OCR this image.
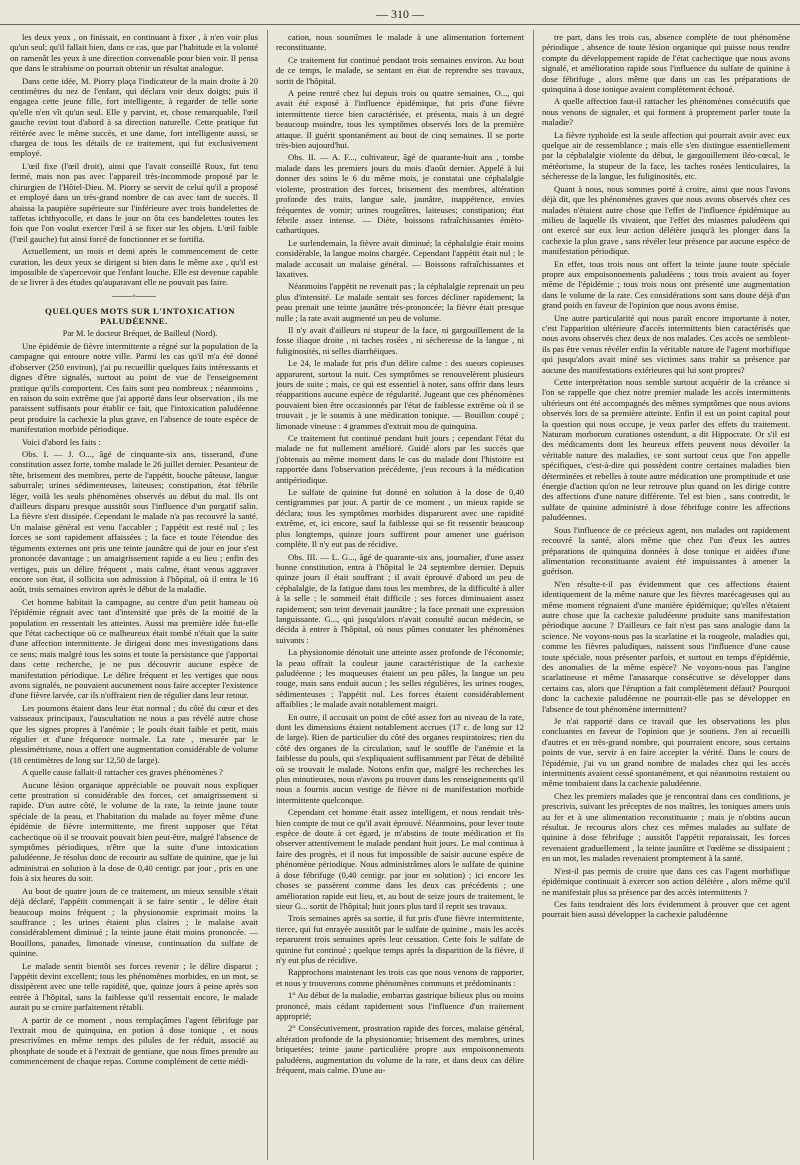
— 310 —

les deux yeux , on finissait, en continuant à fixer , à n'en voir plus qu'un seul; qu'il fallait bien, dans ce cas, que par l'habitude et la volonté on ramenât les yeux à une direction convenable pour bien voir. Il pensa que dans le strabisme on pourrait obtenir un résultat analogue.

Dans cette idée, M. Piorry plaça l'indicateur de la main droite à 20 centimètres du nez de l'enfant, qui déclara voir deux doigts; puis il engagea cette jeune fille, fort intelligente, à regarder de telle sorte qu'elle n'en vît qu'un seul. Elle y parvint, et, chose remarquable, l'œil gauche revint tout d'abord à sa direction naturelle. Cette pratique fut réitérée avec le même succès, et une dame, fort intelligente aussi, se chargea de tous les détails de ce traitement, qui fut exclusivement employé.

L'œil fixe (l'œil droit), ainsi que l'avait conseillé Roux, fut tenu fermé, mais non pas avec l'appareil très-incommode proposé par le chirurgien de l'Hôtel-Dieu. M. Piorry se servit de celui qu'il a proposé et employé dans un très-grand nombre de cas avec tant de succès. Il abaissa la paupière supérieure sur l'inférieure avec trois bandelettes de taffetas ichthyocolle, et dans le jour on ôta ces bandelettes toutes les fois que l'on voulut exercer l'œil à se fixer sur les objets. L'œil faible (l'œil gauche) fut ainsi forcé de fonctionner et se fortifia.

Actuellement, un mois et demi après le commencement de cette curation, les deux yeux se dirigent si bien dans le même axe , qu'il est impossible de s'apercevoir que l'enfant louche. Elle est devenue capable de se livrer à des études qu'auparavant elle ne pouvait pas faire.

——◦——

QUELQUES MOTS SUR L'INTOXICATION PALUDÉENNE.

Par M. le docteur Bréquet, de Bailleul (Nord).

Une épidémie de fièvre intermittente a régné sur la population de la campagne qui entoure notre ville. Parmi les cas qu'il m'a été donné d'observer (250 environ), j'ai pu recueillir quelques faits intéressants et dignes d'être signalés, surtout au point de vue de l'enseignement pratique qu'ils comportent. Ces faits sont peu nombreux ; néanmoins , en raison du soin extrême que j'ai apporté dans leur observation , ils me paraissent suffisants pour établir ce fait, que l'intoxication paludéenne peut produire la cachexie la plus grave, en l'absence de toute espèce de manifestation morbide périodique.

Voici d'abord les faits :

Obs. I. — J. O..., âgé de cinquante-six ans, tisserand, d'une constitution assez forte, tombe malade le 26 juillet dernier. Pesanteur de tête, brisement des membres, perte de l'appétit, bouche pâteuse, langue saburrale; urines sédimenteuses, laiteuses; constipation, état fébrile léger, voilà les seuls phénomènes observés au début du mal. Ils ont d'ailleurs disparu presque aussitôt sous l'influence d'un purgatif salin. La fièvre s'est dissipée. Cependant le malade n'a pas recouvré la santé. Un malaise général est venu l'accabler ; l'appétit est resté nul ; les forces se sont rapidement affaissées ; la face et toute l'étendue des téguments externes ont pris une teinte jaunâtre qui de jour en jour s'est prononcée davantage ; un amaigrissement rapide a eu lieu ; enfin des vertiges, puis un délire fréquent , mais calme, étant venus aggraver encore son état, il sollicita son admission à l'hôpital, où il entra le 16 août, trois semaines environ après le début de la maladie.

Cet homme habitait la campagne, au centre d'un petit hameau où l'épidémie régnait avec tant d'intensité que près de la moitié de la population en ressentait les atteintes. Aussi ma première idée fut-elle que l'état cachectique où ce malheureux était tombé n'était que la suite d'une affection intermittente. Je dirigeai donc mes investigations dans ce sens; mais malgré tous les soins et toute la persistance que j'apportai dans cette recherche, je ne pus découvrir aucune espèce de manifestation périodique. Le délire fréquent et les vertiges que nous avons signalés, ne pouvaient aucunement nous faire accepter l'existence d'une fièvre larvée, car ils n'offraient rien de régulier dans leur retour.

Les poumons étaient dans leur état normal ; du côté du cœur et des vaisseaux principaux, l'auscultation ne nous a pas révélé autre chose que les signes propres à l'anémie ; le pouls était faible et petit, mais régulier et d'une fréquence normale. La rate , mesurée par le plessimétrisme, nous a offert une augmentation considérable de volume (18 centimètres de long sur 12,50 de large).

A quelle cause fallait-il rattacher ces graves phénomènes ?

Aucune lésion organique appréciable ne pouvait nous expliquer cette prostration si considérable des forces, cet amaigrissement si rapide. D'un autre côté, le volume de la rate, la teinte jaune toute spéciale de la peau, et l'habitation du malade au foyer même d'une épidémie de fièvre intermittente, me firent supposer que l'état cachectique où il se trouvait pouvait bien peut-être, malgré l'absence de symptômes périodiques, n'être que la suite d'une intoxication paludéenne. Je résolus donc de recourir au sulfate de quinine, que je lui administrai en solution à la dose de 0,40 centigr. par jour , pris en une fois à six heures du soir.

Au bout de quatre jours de ce traitement, un mieux sensible s'était déjà déclaré, l'appétit commençait à se faire sentir , le délire était beaucoup moins fréquent ; la physionomie exprimait moins la souffrance ; les urines étaient plus claires ; le malaise avait considérablement diminué ; la teinte jaune était moins prononcée. — Bouillons, panades, limonade vineuse, continuation du sulfate de quinine.

Le malade sentit bientôt ses forces revenir ; le délire disparut ; l'appétit devint excellent; tous les phénomènes morbides, en un mot, se dissipèrent avec une telle rapidité, que, quinze jours à peine après son entrée à l'hôpital, sans la faiblesse qu'il ressentait encore, le malade aurait pu se croire parfaitement rétabli.

A partir de ce moment , nous remplaçâmes l'agent fébrifuge par l'extrait mou de quinquina, en potion à dose tonique , et nous prescrivîmes en même temps des pilules de fer réduit, associé au phosphate de soude et à l'extrait de gentiane, que nous fîmes prendre au commencement de chaque repas. Comme complément de cette médi-

cation, nous soumîmes le malade à une alimentation fortement reconstituante.

Ce traitement fut continué pendant trois semaines environ. Au bout de ce temps, le malade, se sentant en état de reprendre ses travaux, sortit de l'hôpital.

A peine rentré chez lui depuis trois ou quatre semaines, O..., qui avait été exposé à l'influence épidémique, fut pris d'une fièvre intermittente tierce bien caractérisée, et présenta, mais à un degré beaucoup moindre, tous les symptômes observés lors de la première attaque. Il guérit spontanément au bout de cinq semaines. Il se porte très-bien aujourd'hui.

Obs. II. — A. F..., cultivateur, âgé de quarante-huit ans , tombe malade dans les premiers jours du mois d'août dernier. Appelé à lui donner des soins le 6 du même mois, je constatai une céphalalgie violente, prostration des forces, brisement des membres, altération profonde des traits, langue sale, jaunâtre, inappétence, envies fréquentes de vomir; urines rougeâtres, laiteuses; constipation; état fébrile assez intense. — Diète, boissons rafraîchissantes émèto-cathartiques.

Le surlendemain, la fièvre avait diminué; la céphalalgie était moins considérable, la langue moins chargée. Cependant l'appétit était nul ; le malade accusait un malaise général. — Boissons rafraîchissantes et laxatives.

Néanmoins l'appétit ne revenait pas ; la céphalalgie reprenait un peu plus d'intensité. Le malade sentait ses forces décliner rapidement; la peau prenait une teinte jaunâtre très-prononcée; la fièvre était presque nulle ; la rate avait augmenté un peu de volume.

Il n'y avait d'ailleurs ni stupeur de la face, ni gargouillement de la fosse iliaque droite , ni taches rosées , ni sécheresse de la langue , ni fuliginosités, ni selles diarrhéiques.

Le 24, le malade fut pris d'un délire calme : des sueurs copieuses apparurent, surtout la nuit. Ces symptômes se renouvelèrent plusieurs jours de suite ; mais, ce qui est essentiel à noter, sans offrir dans leurs réapparitions aucune espèce de régularité. Jugeant que ces phénomènes pouvaient bien être occasionnés par l'état de faiblesse extrême où il se trouvait , je le soumis à une médication tonique. — Bouillon coupé ; limonade vineuse : 4 grammes d'extrait mou de quinquina.

Ce traitement fut continué pendant huit jours ; cependant l'état du malade ne fut nullement amélioré. Guidé alors par les succès que j'obtenais au même moment dans le cas du malade dont l'histoire est rapportée dans l'observation précédente, j'eus recours à la médication antipériodique.

Le sulfate de quinine fut donné en solution à la dose de 0,40 centigrammes par jour. A partir de ce moment , un mieux rapide se déclara; tous les symptômes morbides disparurent avec une rapidité extrême, et, ici encore, sauf la faiblesse qui se fit ressentir beaucoup plus longtemps, quinze jours suffirent pour amener une guérison complète. Il n'y eut pas de récidive.

Obs. III. — L. G..., âgé de quarante-six ans, journalier, d'une assez bonne constitution, entra à l'hôpital le 24 septembre dernier. Depuis quinze jours il était souffrant ; il avait éprouvé d'abord un peu de céphalalgie, de la fatigue dans tous les membres, de la difficulté à aller à la selle ; le sommeil était difficile ; ses forces diminuaient assez rapidement; son teint devenait jaunâtre ; la face prenait une expression languissante. G..., qui jusqu'alors n'avait consulté aucun médecin, se décida à entrer à l'hôpital, où nous pûmes constater les phénomènes suivants :

La physionomie dénotait une atteinte assez profonde de l'économie; la peau offrait la couleur jaune caractéristique de la cachexie paludéenne ; les muqueuses étaient un peu pâles, la langue un peu rouge, mais sans enduit aucun ; les selles régulières, les urines rouges, sédimenteuses ; l'appétit nul. Les forces étaient considérablement affaiblies ; le malade avait notablement maigri.

En outre, il accusait un point de côté assez fort au niveau de la rate, dont les dimensions étaient notablement accrues (17 c. de long sur 12 de large). Rien de particulier du côté des organes respiratoires; rien du côté des organes de la circulation, sauf le souffle de l'anémie et la faiblesse du pouls, qui s'expliquaient suffisamment par l'état de débilité où se trouvait le malade. Notons enfin que, malgré les recherches les plus minutieuses, nous n'avons pu trouver dans les renseignements qu'il nous a fournis aucun vestige de fièvre ni de manifestation morbide intermittente quelconque.

Cependant cet homme était assez intelligent, et nous rendait très-bien compte de tout ce qu'il avait éprouvé. Néanmoins, pour lever toute espèce de doute à cet égard, je m'abstins de toute médication et fis observer attentivement le malade pendant huit jours. Le mal continua à faire des progrès, et il nous fut impossible de saisir aucune espèce de phénomène périodique. Nous administrâmes alors le sulfate de quinine à dose fébrifuge (0,40 centigr. par jour en solution) ; ici encore les choses se passèrent comme dans les deux cas précédents ; une amélioration rapide eut lieu, et, au bout de seize jours de traitement, le sieur G... sortit de l'hôpital; huit jours plus tard il reprit ses travaux.

Trois semaines après sa sortie, il fut pris d'une fièvre intermittente, tierce, qui fut enrayée aussitôt par le sulfate de quinine , mais les accès reparurent trois semaines après leur cessation. Cette fois le sulfate de quinine fut continué ; quelque temps après la disparition de la fièvre, il n'y eut plus de récidive.

Rapprochons maintenant les trois cas que nous venons de rapporter, et nous y trouverons comme phénomènes communs et prédominants :

1° Au début de la maladie, embarras gastrique bilieux plus ou moins prononcé, mais cédant rapidement sous l'influence d'un traitement approprié;

2° Consécutivement, prostration rapide des forces, malaise général, altération profonde de la physionomie; brisement des membres, urines briquetées; teinte jaune particulière propre aux empoisonnements paludéens, augmentation du volume de la rate, et dans deux cas délire fréquent, mais calme. D'une au-

tre part, dans les trois cas, absence complète de tout phénomène périodique , absence de toute lésion organique qui puisse nous rendre compte du développement rapide de l'état cachectique que nous avons signalé, et amélioration rapide sous l'influence du sulfate de quinine à dose fébrifuge , alors même que dans un cas les préparations de quinquina à dose tonique avaient complètement échoué.

A quelle affection faut-il rattacher les phénomènes consécutifs que nous venons de signaler, et qui forment à proprement parler toute la maladie?

La fièvre typhoïde est la seule affection qui pourrait avoir avec eux quelque air de ressemblance ; mais elle s'en distingue essentiellement par la céphalalgie violente du début, le gargouillement iléo-cœcal, le météorisme, la stupeur de la face, les taches rosées lenticulaires, la sécheresse de la langue, les fuliginosités, etc.

Quant à nous, nous sommes porté à croire, ainsi que nous l'avons déjà dit, que les phénomènes graves que nous avons observés chez ces malades n'étaient autre chose que l'effet de l'influence épidémique au milieu de laquelle ils vivaient, que l'effet des miasmes paludéens qui ont exercé sur eux leur action délétère jusqu'à les plonger dans la cachexie la plus grave , sans révéler leur présence par aucune espèce de manifestation périodique.

En effet, tous trois nous ont offert la teinte jaune toute spéciale propre aux empoisonnements paludéens ; tous trois avaient au foyer même de l'épidémie ; tous trois nous ont présenté une augmentation dans le volume de la rate. Ces considérations sont sans doute déjà d'un grand poids en faveur de l'opinion que nous avons émise.

Une autre particularité qui nous paraît encore importante à noter, c'est l'apparition ultérieure d'accès intermittents bien caractérisés que nous avons observés chez deux de nos malades. Ces accès ne semblent-ils pas être venus révéler enfin la véritable nature de l'agent morbifique qui jusqu'alors avait miné ses victimes sans trahir sa présence par aucune des manifestations extérieures qui lui sont propres?

Cette interprétation nous semble surtout acquérir de la créance si l'on se rappelle que chez notre premier malade les accès intermittents ultérieurs ont été accompagnés des mêmes symptômes que nous avions observés lors de sa première atteinte. Enfin il est un point capital pour la question qui nous occupe, je veux parler des effets du traitement. Naturam morborum curationes ostendunt, a dit Hippocrate. Or s'il est des médicaments dont les heureux effets peuvent nous dévoiler la véritable nature des maladies, ce sont surtout ceux que l'on appelle spécifiques, c'est-à-dire qui possèdent contre certaines maladies bien déterminées et rebelles à toute autre médication une promptitude et une énergie d'action qu'on ne leur retrouve plus quand on les dirige contre des affections d'une nature différente. Tel est bien , sans contredit, le sulfate de quinine administré à dose fébrifuge contre les affections paludéennes.

Sous l'influence de ce précieux agent, nos malades ont rapidement recouvré la santé, alors même que chez l'un d'eux les autres préparations de quinquina données à dose tonique et aidées d'une alimentation reconstituante avaient été impuissantes à amener la guérison.

N'en résulte-t-il pas évidemment que ces affections étaient identiquement de la même nature que les fièvres marécageuses qui au même moment régnaient d'une manière épidémique; qu'elles n'étaient autre chose que la cachexie paludéenne produite sans manifestation périodique aucune ? D'ailleurs ce fait n'est pas sans analogie dans la science. Ne voyons-nous pas la scarlatine et la rougeole, maladies qui, comme les fièvres paludiques, naissent sous l'influence d'une cause toute spéciale, nous présenter parfois, et surtout en temps d'épidémie, des anomalies de la même espèce? Ne voyons-nous pas l'angine scarlatineuse et même l'anasarque consécutive se développer dans certains cas, alors que l'éruption a fait complètement défaut? Pourquoi donc la cachexie paludéenne ne pourrait-elle pas se développer en l'absence de tout phénomène intermittent?

Je n'ai rapporté dans ce travail que les observations les plus concluantes en faveur de l'opinion que je soutiens. J'en ai recueilli d'autres et en très-grand nombre, qui pourraient encore, sous certains points de vue, servir à en faire accepter la vérité. Dans le cours de l'épidémie, j'ai vu un grand nombre de malades chez qui les accès intermittents avaient cessé spontanément, et qui néanmoins restaient ou même tombaient dans la cachexie paludéenne.

Chez les premiers malades que je rencontrai dans ces conditions, je prescrivis, suivant les préceptes de nos maîtres, les toniques amers unis au fer et à une alimentation reconstituante ; mais je n'obtins aucun résultat. Je recourus alors chez ces mêmes malades au sulfate de quinine à dose fébrifuge ; aussitôt l'appétit reparaissait, les forces revenaient graduellement , la teinte jaunâtre et l'œdème se dissipaient ; en un mot, les malades revenaient promptement à la santé.

N'est-il pas permis de croire que dans ces cas l'agent morbifique épidémique continuait à exercer son action délétère , alors même qu'il ne manifestait plus sa présence par des accès intermittents ?

Ces faits tendraient dès lors évidemment à prouver que cet agent pourrait bien aussi développer la cachexie paludéenne
